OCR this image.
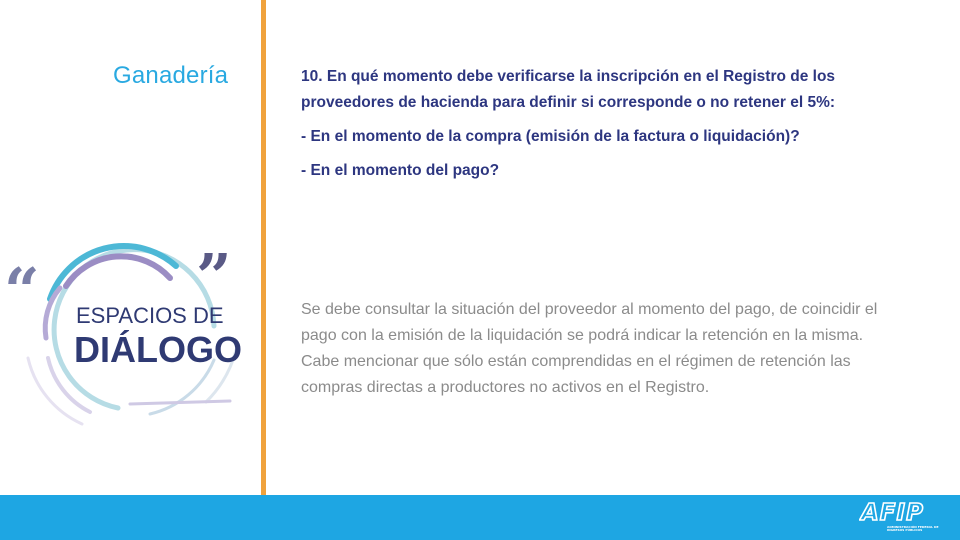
Ganadería
“	”
ESPACIOS DE
DIÁLOGO

10. En qué momento debe verificarse la inscripción en el Registro de los proveedores de hacienda para definir si corresponde o no retener el 5%:

- En el momento de la compra (emisión de la factura o liquidación)?

- En el momento del pago?

Se debe consultar la situación del proveedor al momento del pago, de coincidir el pago con la emisión de la liquidación se podrá indicar la retención en la misma. Cabe mencionar que sólo están comprendidas en el régimen de retención las compras directas a productores no activos en el Registro.

AFIP
ADMINISTRACIÓN FEDERAL DE INGRESOS PÚBLICOS
